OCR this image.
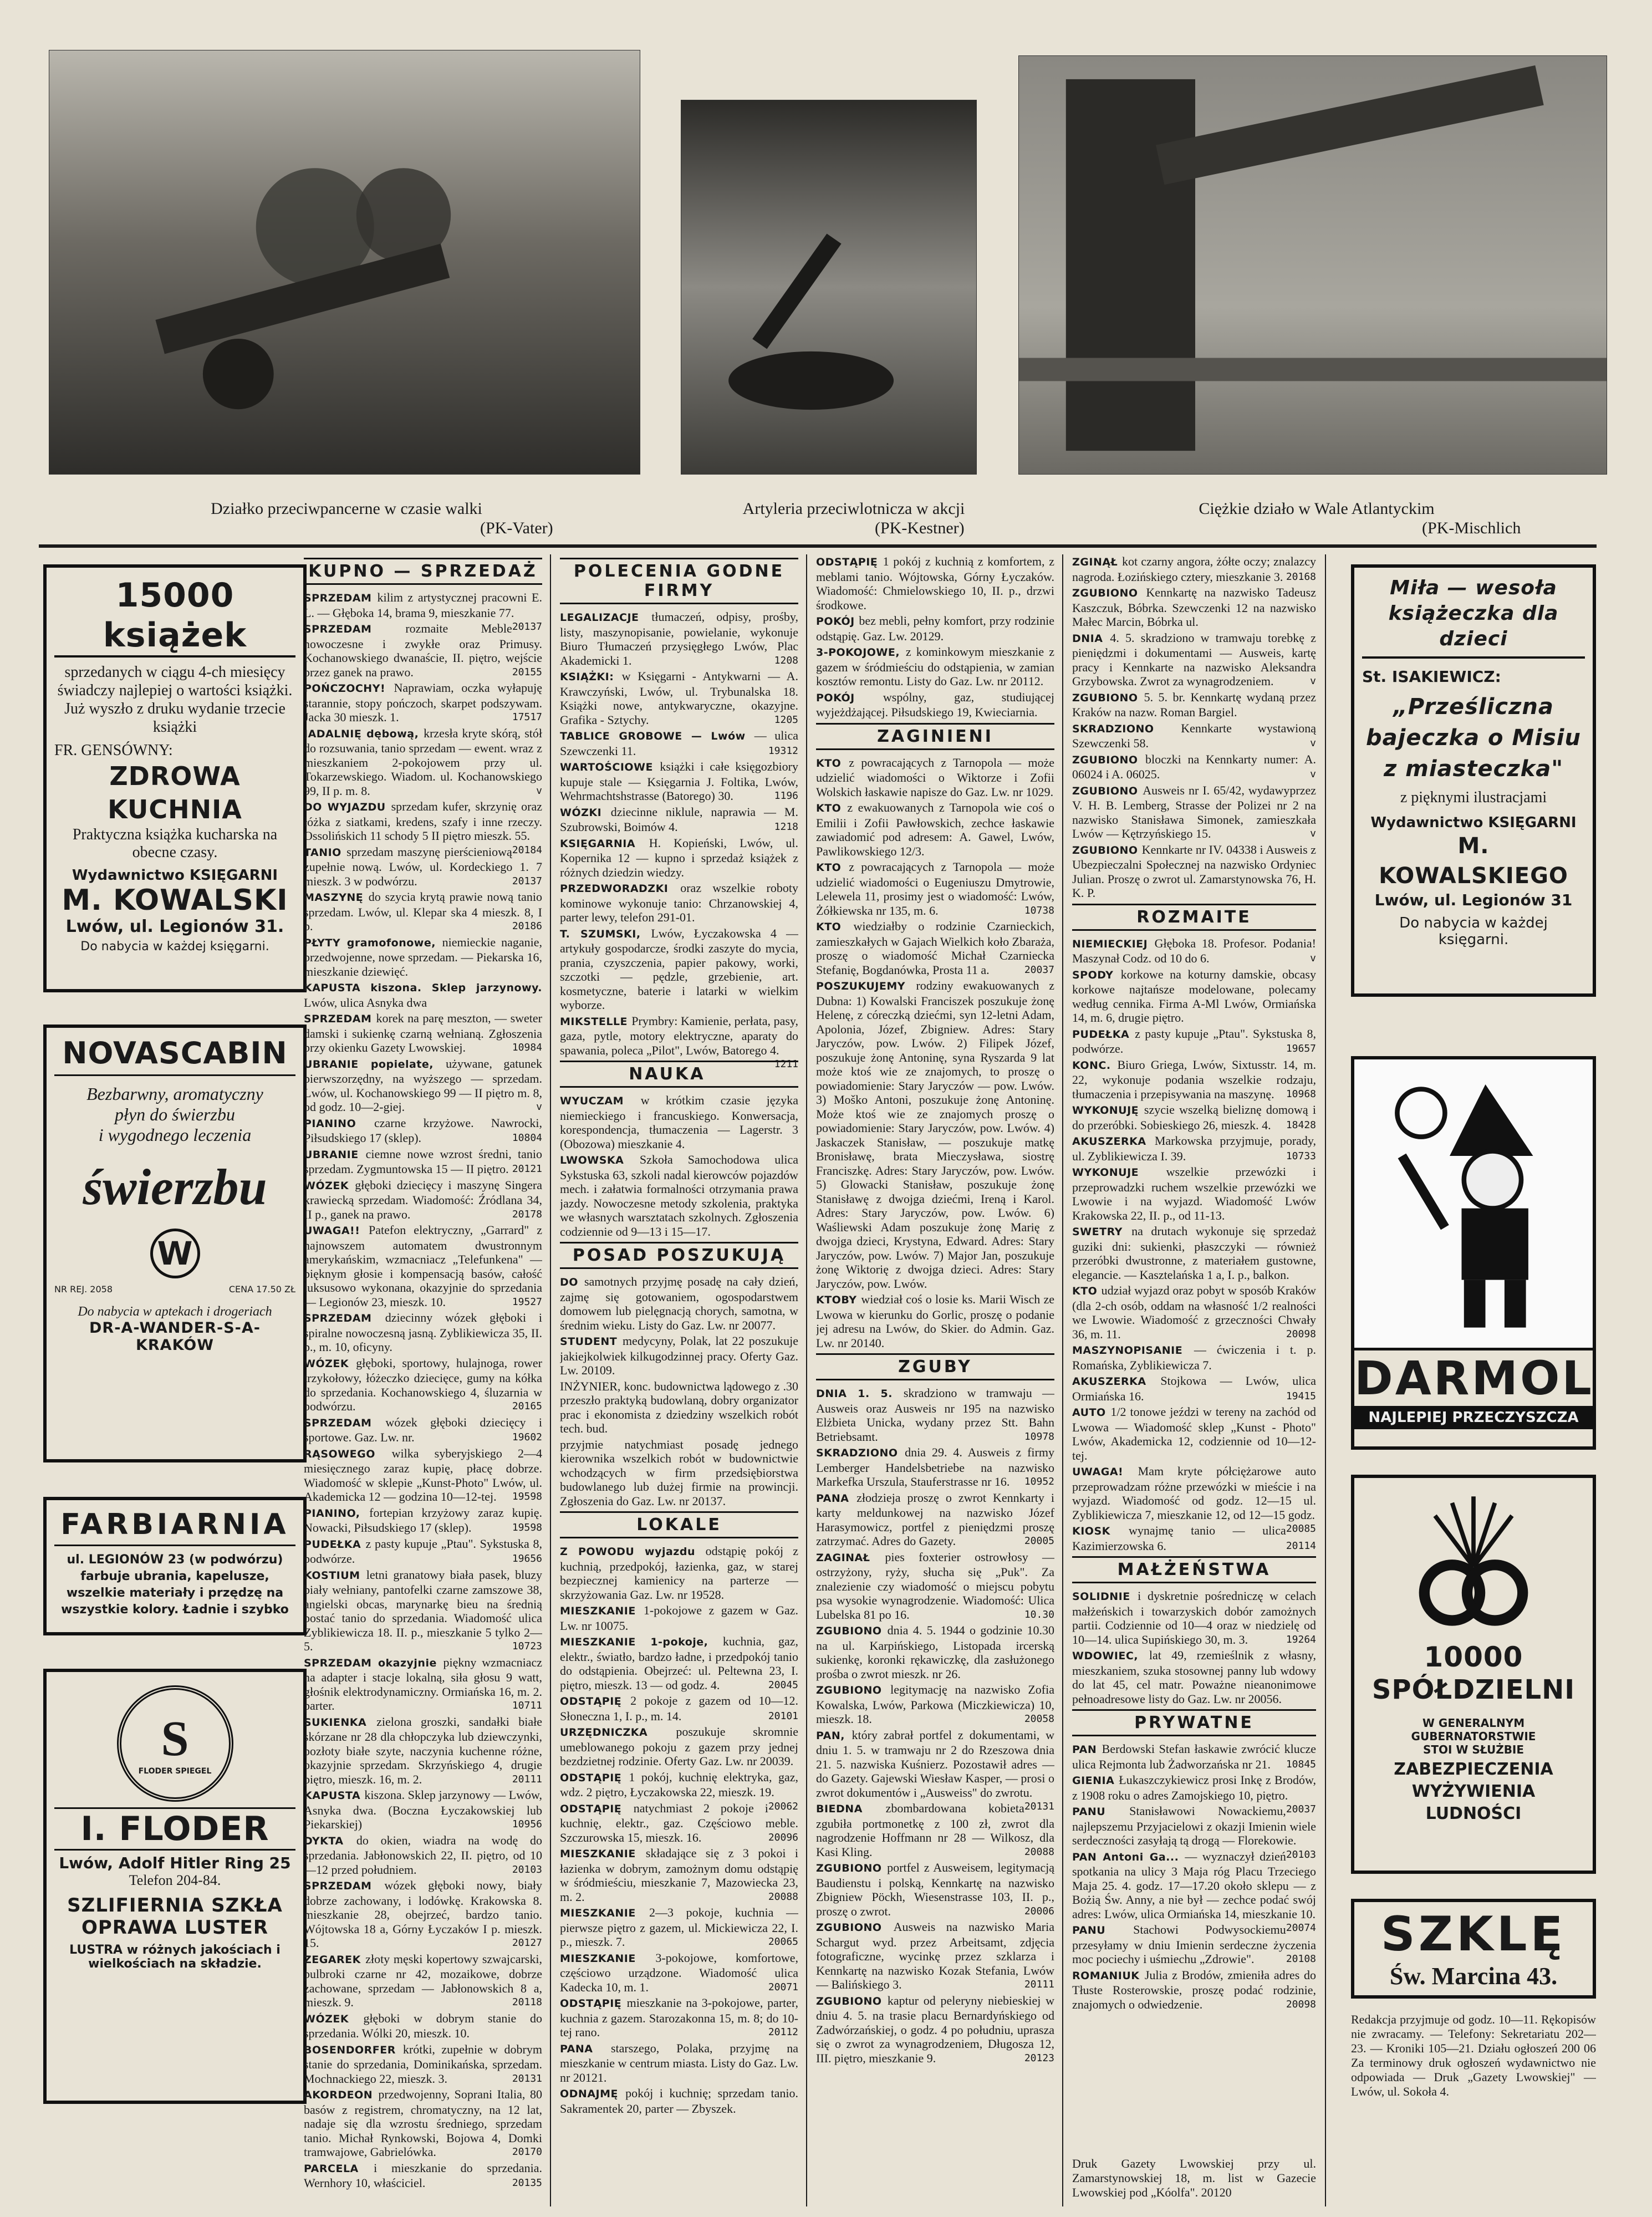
Działko przeciwpancerne w czasie walki
(PK-Vater)
Artyleria przeciwlotnicza w akcji
(PK-Kestner)
Ciężkie działo w Wale Atlantyckim
(PK-Mischlich
15000 książek
sprzedanych w ciągu 4-ch miesięcy świadczy najlepiej o wartości książki. Już wyszło z druku wydanie trzecie książki
FR. GENSÓWNY:
ZDROWA KUCHNIA
Praktyczna książka kucharska na obecne czasy.
Wydawnictwo KSIĘGARNI
M. KOWALSKI
Lwów, ul. Legionów 31.
Do nabycia w każdej księgarni.
NOVASCABIN
Bezbarwny, aromatyczny
płyn do świerzbu
i wygodnego leczenia
świerzbu
W
NR REJ. 2058	CENA 17.50 ZŁ
Do nabycia w aptekach i drogeriach
DR-A-WANDER-S-A-KRAKÓW
FARBIARNIA
ul. LEGIONÓW 23 (w podwórzu) farbuje ubrania, kapelusze, wszelkie materiały i przędzę na wszystkie kolory. Ładnie i szybko
S
FLODER SPIEGEL
I. FLODER
Lwów, Adolf Hitler Ring 25
Telefon 204-84.
SZLIFIERNIA SZKŁA
OPRAWA LUSTER
LUSTRA w różnych jakościach i wielkościach na składzie.
KUPNO — SPRZEDAŻ
SPRZEDAM kilim z artystycznej pracowni E. L. — Głęboka 14, brama 9, mieszkanie 77.
20137
SPRZEDAM rozmaite Meble nowoczesne i zwykłe oraz Primusy. Kochanowskiego dwanaście, II. piętro, wejście przez ganek na prawo.	20155
POŃCZOCHY! Naprawiam, oczka wyłapuję starannie, stopy pończoch, skarpet podszywam. Jacka 30 mieszk. 1.	17517
JADALNIĘ dębową, krzesła kryte skórą, stół do rozsuwania, tanio sprzedam — ewent. wraz z mieszkaniem 2-pokojowem przy ul. Tokarzewskiego. Wiadom. ul. Kochanowskiego 99, II p. m. 8.	v
DO WYJAZDU sprzedam kufer, skrzynię oraz łóżka z siatkami, kredens, szafy i inne rzeczy. Ossolińskich 11 schody 5 II piętro mieszk. 55.
20184
TANIO sprzedam maszynę pierścieniową zupełnie nową. Lwów, ul. Kordeckiego 1. 7 mieszk. 3 w podwórzu.	20137
MASZYNĘ do szycia krytą prawie nową tanio sprzedam. Lwów, ul. Klepar ska 4 mieszk. 8, I p.	20186
PŁYTY gramofonowe, niemieckie naganie, przedwojenne, nowe sprzedam. — Piekarska 16, mieszkanie dziewięć.
KAPUSTA kiszona. Sklep jarzynowy. Lwów, ulica Asnyka dwa
SPRZEDAM korek na parę meszton, — sweter damski i sukienkę czarną wełnianą. Zgłoszenia przy okienku Gazety Lwowskiej.	10984
UBRANIE popielate, używane, gatunek pierwszorzędny, na wyższego — sprzedam. Lwów, ul. Kochanowskiego 99 — II piętro m. 8, od godz. 10—2-giej.	v
PIANINO czarne krzyżowe. Nawrocki, Piłsudskiego 17 (sklep).	10804
UBRANIE ciemne nowe wzrost średni, tanio sprzedam. Zygmuntowska 15 — II piętro. 20121
WÓZEK głęboki dziecięcy i maszynę Singera krawiecką sprzedam. Wiadomość: Źródlana 34, II p., ganek na prawo.	20178
UWAGA!! Patefon elektryczny, „Garrard" z najnowszem automatem dwustronnym amerykańskim, wzmacniacz „Telefunkena" — pięknym głosie i kompensacją basów, całość luksusowo wykonana, okazyjnie do sprzedania — Legionów 23, mieszk. 10.	19527
SPRZEDAM dziecinny wózek głęboki i spiralne nowoczesną jasną. Zyblikiewicza 35, II. p., m. 10, oficyny.
WÓZEK głęboki, sportowy, hulajnoga, rower trzykołowy, łóżeczko dziecięce, gumy na kółka do sprzedania. Kochanowskiego 4, śluzarnia w podwórzu.	20165
SPRZEDAM wózek głęboki dziecięcy i sportowe. Gaz. Lw. nr.	19602
RĄSOWEGO wilka syberyjskiego 2—4 miesięcznego zaraz kupię, płacę dobrze. Wiadomość w sklepie „Kunst-Photo" Lwów, ul. Akademicka 12 — godzina 10—12-tej. 19598
PIANINO, fortepian krzyżowy zaraz kupię. Nowacki, Piłsudskiego 17 (sklep).	19598
PUDEŁKA z pasty kupuje „Ptau". Sykstuska 8, podwórze.	19656
KOSTIUM letni granatowy biała pasek, bluzy biały wełniany, pantofelki czarne zamszowe 38, angielski obcas, marynarkę bieu na średnią postać tanio do sprzedania. Wiadomość ulica Zyblikiewicza 18. II. p., mieszkanie 5 tylko 2—5.	10723
SPRZEDAM okazyjnie piękny wzmacniacz na adapter i stacje lokalną, siła głosu 9 watt, głośnik elektrodynamiczny. Ormiańska 16, m. 2. parter.	10711
SUKIENKA zielona groszki, sandałki białe skórzane nr 28 dla chłopczyka lub dziewczynki, pozłoty białe szyte, naczynia kuchenne różne, okazyjnie sprzedam. Skrzyńskiego 4, drugie piętro, mieszk. 16, m. 2.	20111
KAPUSTA kiszona. Sklep jarzynowy — Lwów, Asnyka dwa. (Boczna Łyczakowskiej lub Piekarskiej)	10956
DYKTA do okien, wiadra na wodę do sprzedania. Jabłonowskich 22, II. piętro, od 10—12 przed południem.	20103
SPRZEDAM wózek głęboki nowy, biały dobrze zachowany, i lodówkę. Krakowska 8. mieszkanie 28, obejrzeć, bardzo tanio. Wójtowska 18 a, Górny Łyczaków I p. mieszk. 15.	20127
ZEGAREK złoty męski kopertowy szwajcarski, pulbroki czarne nr 42, mozaikowe, dobrze zachowane, sprzedam — Jabłonowskich 8 a, mieszk. 9.	20118
WÓZEK głęboki w dobrym stanie do sprzedania. Wólki 20, mieszk. 10.
BOSENDORFER krótki, zupełnie w dobrym stanie do sprzedania, Dominikańska, sprzedam. Mochnackiego 22, mieszk. 3.	20131
AKORDEON przedwojenny, Soprani Italia, 80 basów z registrem, chromatyczny, na 12 lat, nadaje się dla wzrostu średniego, sprzedam tanio. Michał Rynkowski, Bojowa 4, Domki tramwajowe, Gabrielówka.	20170
PARCELA i mieszkanie do sprzedania. Wernhory 10, właściciel.	20135
POLECENIA GODNE FIRMY
LEGALIZACJE tłumaczeń, odpisy, prośby, listy, maszynopisanie, powielanie, wykonuje Biuro Tłumaczeń przysięgłego Lwów, Plac Akademicki 1.	1208
KSIĄŻKI: w Księgarni - Antykwarni — A. Krawczyński, Lwów, ul. Trybunalska 18. Książki nowe, antykwaryczne, okazyjne. Grafika - Sztychy.	1205
TABLICE GROBOWE — Lwów — ulica Szewczenki 11.	19312
WARTOŚCIOWE książki i całe księgozbiory kupuje stale — Księgarnia J. Foltika, Lwów, Wehrmachtshstrasse (Batorego) 30.	1196
WÓZKI dziecinne niklule, naprawia — M. Szubrowski, Boimów 4.	1218
KSIĘGARNIA H. Kopieński, Lwów, ul. Kopernika 12 — kupno i sprzedaż książek z różnych dziedzin wiedzy.
PRZEDWORADZKI oraz wszelkie roboty kominowe wykonuje tanio: Chrzanowskiej 4, parter lewy, telefon 291-01.
T. SZUMSKI, Lwów, Łyczakowska 4 — artykuły gospodarcze, środki zaszyte do mycia, prania, czyszczenia, papier pakowy, worki, szczotki — pędzle, grzebienie, art. kosmetyczne, baterie i latarki w wielkim wyborze.
MIKSTELLE Prymbry: Kamienie, perłata, pasy, gaza, pytle, motory elektryczne, aparaty do spawania, poleca „Pilot", Lwów, Batorego 4.
1211
NAUKA
WYUCZAM w krótkim czasie języka niemieckiego i francuskiego. Konwersacja, korespondencja, tłumaczenia — Lagerstr. 3 (Obozowa) mieszkanie 4.
LWOWSKA Szkoła Samochodowa ulica Sykstuska 63, szkoli nadal kierowców pojazdów mech. i załatwia formalności otrzymania prawa jazdy. Nowoczesne metody szkolenia, praktyka we własnych warsztatach szkolnych. Zgłoszenia codziennie od 9—13 i 15—17.
POSAD POSZUKUJĄ
DO samotnych przyjmę posadę na cały dzień, zajmę się gotowaniem, ogospodarstwem domowem lub pielęgnacją chorych, samotna, w średnim wieku. Listy do Gaz. Lw. nr 20077.
STUDENT medycyny, Polak, lat 22 poszukuje jakiejkolwiek kilkugodzinnej pracy. Oferty Gaz. Lw. 20109.
INŻYNIER, konc. budownictwa lądowego z .30 przeszło praktyką budowlaną, dobry organizator prac i ekonomista z dziedziny wszelkich robót tech. bud.
przyjmie natychmiast posadę jednego kierownika wszelkich robót w budownictwie wchodzących w firm przedsiębiorstwa budowlanego lub dużej firmie na prowincji. Zgłoszenia do Gaz. Lw. nr 20137.
LOKALE
Z POWODU wyjazdu odstąpię pokój z kuchnią, przedpokój, łazienka, gaz, w starej bezpiecznej kamienicy na parterze — skrzyżowania Gaz. Lw. nr 19528.
MIESZKANIE 1-pokojowe z gazem w Gaz. Lw. nr 10075.
MIESZKANIE 1-pokoje, kuchnia, gaz, elektr., światło, bardzo ładne, i przedpokój tanio do odstąpienia. Obejrzeć: ul. Peltewna 23, I. piętro, mieszk. 13 — od godz. 4.	20045
ODSTĄPIĘ 2 pokoje z gazem od 10—12. Słoneczna 1, I. p., m. 14.	20101
URZĘDNICZKA poszukuje skromnie umeblowanego pokoju z gazem przy jednej bezdzietnej rodzinie. Oferty Gaz. Lw. nr 20039.
ODSTĄPIĘ 1 pokój, kuchnię elektryka, gaz, wdz. 2 piętro, Łyczakowska 22, mieszk. 19.
20062
ODSTĄPIĘ natychmiast 2 pokoje i kuchnię, elektr., gaz. Częściowo meble. Szczurowska 15, mieszk. 16.	20096
MIESZKANIE składające się z 3 pokoi i łazienka w dobrym, zamożnym domu odstąpię w śródmieściu, mieszkanie 7, Mazowiecka 23, m. 2.	20088
MIESZKANIE 2—3 pokoje, kuchnia — pierwsze piętro z gazem, ul. Mickiewicza 22, I. p., mieszk. 7.	20065
MIESZKANIE 3-pokojowe, komfortowe, częściowo urządzone. Wiadomość ulica Kadecka 10, m. 1.	20071
ODSTĄPIĘ mieszkanie na 3-pokojowe, parter, kuchnia z gazem. Starozakonna 15, m. 8; do 10-tej rano.	20112
PANA starszego, Polaka, przyjmę na mieszkanie w centrum miasta. Listy do Gaz. Lw. nr 20121.
ODNAJMĘ pokój i kuchnię; sprzedam tanio. Sakramentek 20, parter — Zbyszek.
ODSTĄPIĘ 1 pokój z kuchnią z komfortem, z meblami tanio. Wójtowska, Górny Łyczaków. Wiadomość: Chmielowskiego 10, II. p., drzwi środkowe.
POKÓJ bez mebli, pełny komfort, przy rodzinie odstąpię. Gaz. Lw. 20129.
3-POKOJOWE, z kominkowym mieszkanie z gazem w śródmieściu do odstąpienia, w zamian kosztów remontu. Listy do Gaz. Lw. nr 20112.
POKÓJ wspólny, gaz, studiującej wyjeżdżającej. Piłsudskiego 19, Kwieciarnia.
ZAGINIENI
KTO z powracających z Tarnopola — może udzielić wiadomości o Wiktorze i Zofii Wolskich łaskawie napisze do Gaz. Lw. nr 1029.
KTO z ewakuowanych z Tarnopola wie coś o Emilii i Zofii Pawłowskich, zechce łaskawie zawiadomić pod adresem: A. Gawel, Lwów, Pawlikowskiego 12/3.
KTO z powracających z Tarnopola — może udzielić wiadomości o Eugeniuszu Dmytrowie, Lelewela 11, prosimy jest o wiadomość: Lwów, Żółkiewska nr 135, m. 6.	10738
KTO wiedziałby o rodzinie Czarnieckich, zamieszkałych w Gajach Wielkich koło Zbaraża, proszę o wiadomość Michał Czarniecka Stefanię, Bogdanówka, Prosta 11 a.	20037
POSZUKUJEMY rodziny ewakuowanych z Dubna: 1) Kowalski Franciszek poszukuje żonę Helenę, z córeczką dziećmi, syn 12-letni Adam, Apolonia, Józef, Zbigniew. Adres: Stary Jaryczów, pow. Lwów. 2) Filipek Józef, poszukuje żonę Antoninę, syna Ryszarda 9 lat może ktoś wie ze znajomych, to proszę o powiadomienie: Stary Jaryczów — pow. Lwów. 3) Moško Antoni, poszukuje żonę Antoninę. Może ktoś wie ze znajomych proszę o powiadomienie: Stary Jaryczów, pow. Lwów. 4) Jaskaczek Stanisław, — poszukuje matkę Bronisławę, brata Mieczysława, siostrę Franciszkę. Adres: Stary Jaryczów, pow. Lwów. 5) Glowacki Stanisław, poszukuje żonę Stanisławę z dwojga dziećmi, Ireną i Karol. Adres: Stary Jaryczów, pow. Lwów. 6) Waśliewski Adam poszukuje żonę Marię z dwojga dzieci, Krystyna, Edward. Adres: Stary Jaryczów, pow. Lwów. 7) Major Jan, poszukuje żonę Wiktorię z dwojga dzieci. Adres: Stary Jaryczów, pow. Lwów.
KTOBY wiedział coś o losie ks. Marii Wisch ze Lwowa w kierunku do Gorlic, proszę o podanie jej adresu na Lwów, do Skier. do Admin. Gaz. Lw. nr 20140.
ZGUBY
DNIA 1. 5. skradziono w tramwaju — Ausweis oraz Ausweis nr 195 na nazwisko Elżbieta Unicka, wydany przez Stt. Bahn Betriebsamt.	10978
SKRADZIONO dnia 29. 4. Ausweis z firmy Lemberger Handelsbetriebe na nazwisko Markefka Urszula, Stauferstrasse nr 16. 10952
PANA złodzieja proszę o zwrot Kennkarty i karty meldunkowej na nazwisko Józef Harasymowicz, portfel z pieniędzmi proszę zatrzymać. Adres do Gazety.	20005
ZAGINAŁ pies foxterier ostrowłosy — ostrzyżony, ryży, słucha się „Puk". Za znalezienie czy wiadomość o miejscu pobytu psa wysokie wynagrodzenie. Wiadomość: Ulica Lubelska 81 po 16.	10.30
ZGUBIONO dnia 4. 5. 1944 o godzinie 10.30 na ul. Karpińskiego, Listopada ircerską sukienkę, koronki rękawiczkę, dla zasłużonego prośba o zwrot mieszk. nr 26.
ZGUBIONO legitymację na nazwisko Zofia Kowalska, Lwów, Parkowa (Miczkiewicza) 10, mieszk. 18.	20058
PAN, który zabrał portfel z dokumentami, w dniu 1. 5. w tramwaju nr 2 do Rzeszowa dnia 21. 5. nazwiska Kuśnierz. Pozostawił adres — do Gazety. Gajewski Wiesław Kasper, — prosi o zwrot dokumentów i „Ausweiss" do zwrotu.
20131
BIEDNA zbombardowana kobieta zgubiła portmonetkę z 100 zł, zwrot dla nagrodzenie Hoffmann nr 28 — Wilkosz, dla Kasi Kling.	20088
ZGUBIONO portfel z Ausweisem, legitymacją Baudienstu i polską, Kennkartę na nazwisko Zbigniew Pöckh, Wiesenstrasse 103, II. p., proszę o zwrot.	20006
ZGUBIONO Ausweis na nazwisko Maria Schargut wyd. przez Arbeitsamt, zdjęcia fotograficzne, wycinkę przez szklarza i Kennkartę na nazwisko Kozak Stefania, Lwów — Balińskiego 3.	20111
ZGUBIONO kaptur od peleryny niebieskiej w dniu 4. 5. na trasie placu Bernardyńskiego od Zadwórzańskiej, o godz. 4 po południu, uprasza się o zwrot za wynagrodzeniem, Długosza 12, III. piętro, mieszkanie 9.	20123
ZGINĄŁ kot czarny angora, żółte oczy; znalazcy nagroda. Łozińskiego cztery, mieszkanie 3. 20168
ZGUBIONO Kennkartę na nazwisko Tadeusz Kaszczuk, Bóbrka. Szewczenki 12 na nazwisko Małec Marcin, Bóbrka ul.
DNIA 4. 5. skradziono w tramwaju torebkę z pieniędzmi i dokumentami — Ausweis, kartę pracy i Kennkarte na nazwisko Aleksandra Grzybowska. Zwrot za wynagrodzeniem.	v
ZGUBIONO 5. 5. br. Kennkartę wydaną przez Kraków na nazw. Roman Bargiel.
SKRADZIONO Kennkarte wystawioną Szewczenki 58.	v
ZGUBIONO bloczki na Kennkarty numer: A. 06024 i A. 06025.	v
ZGUBIONO Ausweis nr I. 65/42, wydawyprzez V. H. B. Lemberg, Strasse der Polizei nr 2 na nazwisko Stanisława Simonek, zamieszkała Lwów — Kętrzyńskiego 15.	v
ZGUBIONO Kennkarte nr IV. 04338 i Ausweis z Ubezpieczalni Społecznej na nazwisko Ordyniec Julian. Proszę o zwrot ul. Zamarstynowska 76, H. K. P.
ROZMAITE
NIEMIECKIEJ Głęboka 18. Profesor. Podania! Maszynał Codz. od 10 do 6.	v
SPODY korkowe na koturny damskie, obcasy korkowe najtańsze modelowane, polecamy według cennika. Firma A-Ml Lwów, Ormiańska 14, m. 6, drugie piętro.
PUDEŁKA z pasty kupuje „Ptau". Sykstuska 8, podwórze.	19657
KONC. Biuro Griega, Lwów, Sixtusstr. 14, m. 22, wykonuje podania wszelkie rodzaju, tłumaczenia i przepisywania na maszynę. 10968
WYKONUJĘ szycie wszelką bieliznę domową i do przeróbki. Sobieskiego 26, mieszk. 4. 18428
AKUSZERKA Markowska przyjmuje, porady, ul. Zyblikiewicza I. 39.	10733
WYKONUJE wszelkie przewózki i przeprowadzki ruchem wszelkie przewózki we Lwowie i na wyjazd. Wiadomość Lwów Krakowska 22, II. p., od 11-13.
SWETRY na drutach wykonuje się sprzedaż guziki dni: sukienki, płaszczyki — również przeróbki dwustronne, z materiałem gustowne, elegancie. — Kasztelańska 1 a, I. p., balkon.
KTO udział wyjazd oraz pobyt w sposób Kraków (dla 2-ch osób, oddam na własność 1/2 realności we Lwowie. Wiadomość z grzeczności Chwały 36, m. 11.	20098
MASZYNOPISANIE — ćwiczenia i t. p. Romańska, Zyblikiewicza 7.
AKUSZERKA Stojkowa — Lwów, ulica Ormiańska 16.	19415
AUTO 1/2 tonowe jeździ w tereny na zachód od Lwowa — Wiadomość sklep „Kunst - Photo" Lwów, Akademicka 12, codziennie od 10—12-tej.
UWAGA! Mam kryte półciężarowe auto przeprowadzam różne przewózki w mieście i na wyjazd. Wiadomość od godz. 12—15 ul. Zyblikiewicza 7, mieszkanie 12, od 12—15 godz.
20085
KIOSK wynajmę tanio — ulica Kazimierzowska 6.	20114
MAŁŻEŃSTWA
SOLIDNIE i dyskretnie pośredniczę w celach małżeńskich i towarzyskich dobór zamożnych partii. Codziennie od 10—4 oraz w niedzielę od 10—14. ulica Supińskiego 30, m. 3.	19264
WDOWIEC, lat 49, rzemieślnik z własny, mieszkaniem, szuka stosownej panny lub wdowy do lat 45, cel matr. Poważne nieanonimowe pełnoadresowe listy do Gaz. Lw. nr 20056.
PRYWATNE
PAN Berdowski Stefan łaskawie zwrócić klucze ulica Rejmonta lub Żadworzańska nr 21. 10845
GIENIA Łukaszczykiewicz prosi Inkę z Brodów, z 1908 roku o adres Zamojskiego 10, piętro.
20037
PANU Stanisławowi Nowackiemu, najlepszemu Przyjacielowi z okazji Imienin wiele serdeczności zasyłają tą drogą — Florekowie.
20103
PAN Antoni Ga... — wyznaczył dzień spotkania na ulicy 3 Maja róg Placu Trzeciego Maja 25. 4. godz. 17—17.20 około sklepu — z Bożią Św. Anny, a nie był — zechce podać swój adres: Lwów, ulica Ormiańska 14, mieszkanie 10.
20074
PANU Stachowi Podwysockiemu przesyłamy w dniu Imienin serdeczne życzenia moc pociechy i uśmiechu „Zdrowie".	20108
ROMANIUK Julia z Brodów, zmieniła adres do Tłuste Rosterowskie, proszę podać rodzinie, znajomych o odwiedzenie.	20098
Miła — wesoła książeczka dla dzieci
St. ISAKIEWICZ:
„Prześliczna bajeczka o Misiu z miasteczka"
z pięknymi ilustracjami
Wydawnictwo KSIĘGARNI
M. KOWALSKIEGO
Lwów, ul. Legionów 31
Do nabycia w każdej księgarni.
DARMOL
NAJLEPIEJ PRZECZYSZCZA
10000
SPÓŁDZIELNI
W GENERALNYM GUBERNATORSTWIE
STOI W SŁUŻBIE
ZABEZPIECZENIA WYŻYWIENIA LUDNOŚCI
SZKLĘ
Św. Marcina 43.
Redakcja przyjmuje od godz. 10—11. Rękopisów nie zwracamy. — Telefony: Sekretariatu 202—23. — Kroniki 105—21. Działu ogłoszeń 200 06 Za terminowy druk ogłoszeń wydawnictwo nie odpowiada — Druk „Gazety Lwowskiej" — Lwów, ul. Sokoła 4.
Druk Gazety Lwowskiej przy ul. Zamarstynowskiej 18, m. list w Gazecie Lwowskiej pod „Kóolfa". 20120
